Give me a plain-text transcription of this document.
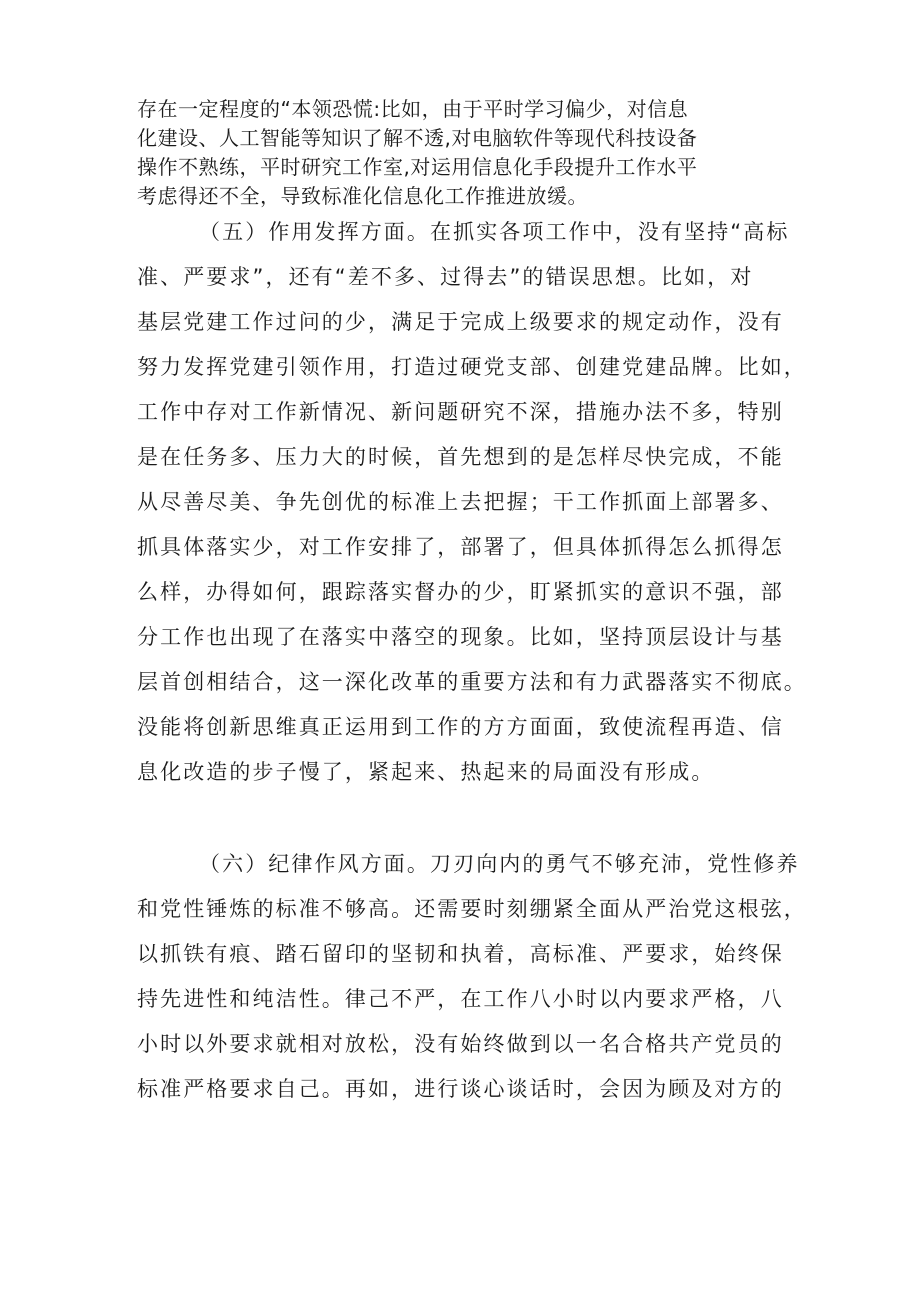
存在一定程度的“本领恐慌:比如，由于平时学习偏少，对信息
化建设、人工智能等知识了解不透,对电脑软件等现代科技设备
操作不熟练，平时研究工作室,对运用信息化手段提升工作水平
考虑得还不全，导致标准化信息化工作推进放缓。
（五）作用发挥方面。在抓实各项工作中，没有坚持“高标
准、严要求”，还有“差不多、过得去”的错误思想。比如，对
基层党建工作过问的少，满足于完成上级要求的规定动作，没有
努力发挥党建引领作用，打造过硬党支部、创建党建品牌。比如，
工作中存对工作新情况、新问题研究不深，措施办法不多，特别
是在任务多、压力大的时候，首先想到的是怎样尽快完成，不能
从尽善尽美、争先创优的标准上去把握；干工作抓面上部署多、
抓具体落实少，对工作安排了，部署了，但具体抓得怎么抓得怎
么样，办得如何，跟踪落实督办的少，盯紧抓实的意识不强，部
分工作也出现了在落实中落空的现象。比如，坚持顶层设计与基
层首创相结合，这一深化改革的重要方法和有力武器落实不彻底。
没能将创新思维真正运用到工作的方方面面，致使流程再造、信
息化改造的步子慢了，紧起来、热起来的局面没有形成。
（六）纪律作风方面。刀刃向内的勇气不够充沛，党性修养
和党性锤炼的标准不够高。还需要时刻绷紧全面从严治党这根弦，
以抓铁有痕、踏石留印的坚韧和执着，高标准、严要求，始终保
持先进性和纯洁性。律己不严，在工作八小时以内要求严格，八
小时以外要求就相对放松，没有始终做到以一名合格共产党员的
标准严格要求自己。再如，进行谈心谈话时，会因为顾及对方的
